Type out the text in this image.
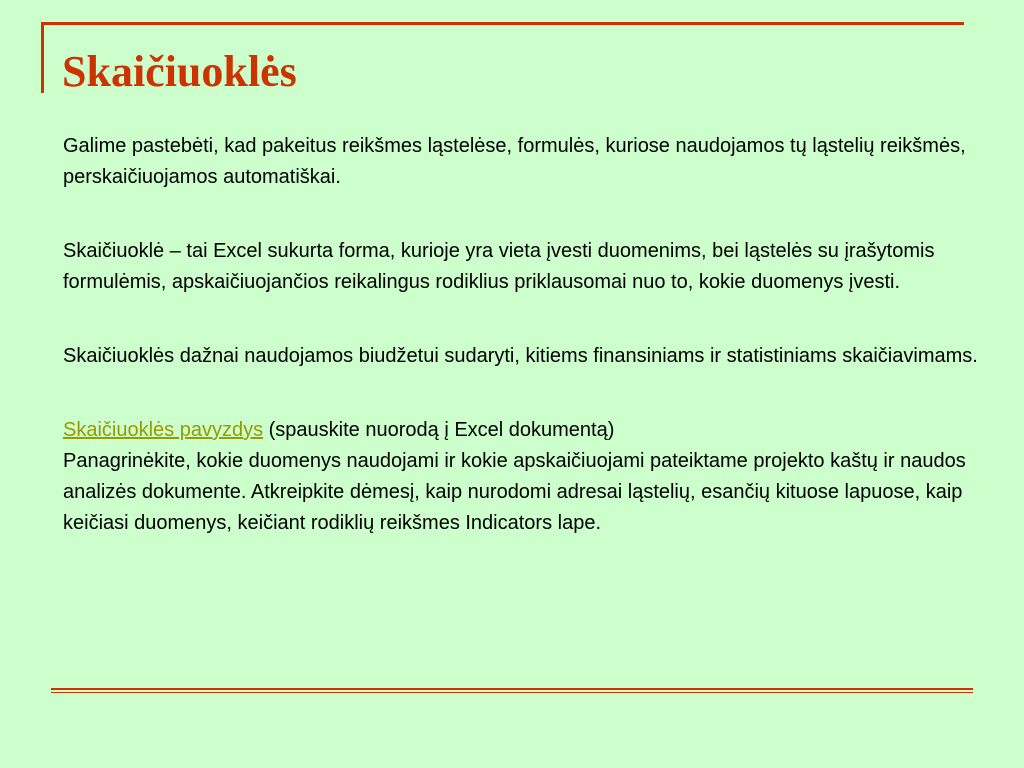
Skaičiuoklės

Galime pastebėti, kad pakeitus reikšmes ląstelėse, formulės, kuriose naudojamos tų ląstelių reikšmės, perskaičiuojamos automatiškai.

Skaičiuoklė – tai Excel sukurta forma, kurioje yra vieta įvesti duomenims, bei ląstelės su įrašytomis formulėmis, apskaičiuojančios reikalingus rodiklius priklausomai nuo to, kokie duomenys įvesti.

Skaičiuoklės dažnai naudojamos biudžetui sudaryti, kitiems finansiniams ir statistiniams skaičiavimams.

Skaičiuoklės pavyzdys (spauskite nuorodą į Excel dokumentą)

Panagrinėkite, kokie duomenys naudojami ir kokie apskaičiuojami pateiktame projekto kaštų ir naudos analizės dokumente. Atkreipkite dėmesį, kaip nurodomi adresai ląstelių, esančių kituose lapuose, kaip keičiasi duomenys, keičiant rodiklių reikšmes Indicators lape.
